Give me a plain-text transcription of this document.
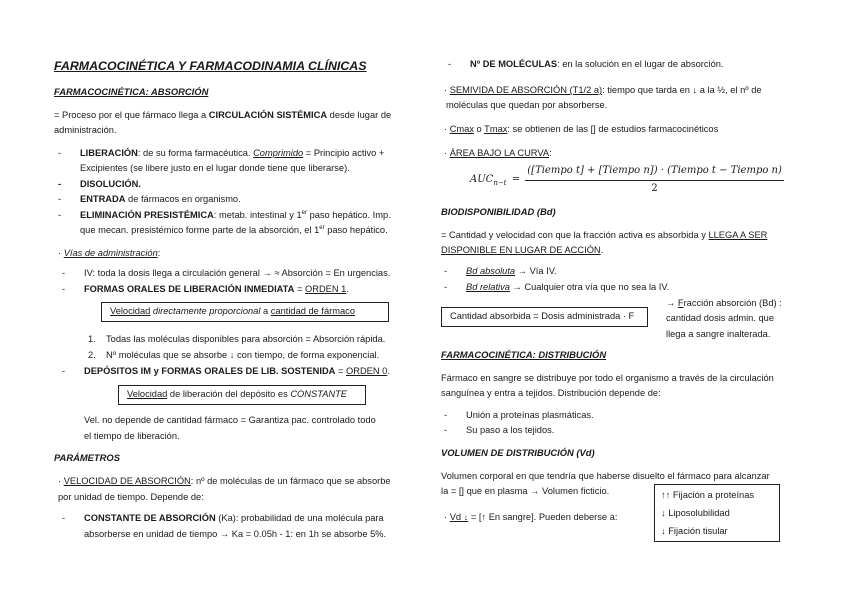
FARMACOCINÉTICA Y FARMACODINAMIA CLÍNICAS
FARMACOCINÉTICA: ABSORCIÓN
= Proceso por el que fármaco llega a CIRCULACIÓN SISTÉMICA desde lugar de
administración.
- LIBERACIÓN: de su forma farmacéutica. Comprimido = Principio activo +
Excipientes (se libere justo en el lugar donde tiene que liberarse).
- DISOLUCIÓN.
- ENTRADA de fármacos en organismo.
- ELIMINACIÓN PRESISTÉMICA: metab. intestinal y 1er paso hepático. Imp.
que mecan. presistémico forme parte de la absorción, el 1er paso hepático.
· Vías de administración:
- IV: toda la dosis llega a circulación general → ≈ Absorción = En urgencias.
- FORMAS ORALES DE LIBERACIÓN INMEDIATA = ORDEN 1.
Velocidad directamente proporcional a cantidad de fármaco
1. Todas las moléculas disponibles para absorción = Absorción rápida.
2. Nº moléculas que se absorbe ↓ con tiempo, de forma exponencial.
- DEPÓSITOS IM y FORMAS ORALES DE LIB. SOSTENIDA = ORDEN 0.
Velocidad de liberación del depósito es CONSTANTE
Vel. no depende de cantidad fármaco = Garantiza pac. controlado todo
el tiempo de liberación.
PARÁMETROS
· VELOCIDAD DE ABSORCIÓN: nº de moléculas de un fármaco que se absorbe
por unidad de tiempo. Depende de:
- CONSTANTE DE ABSORCIÓN (Ka): probabilidad de una molécula para
absorberse en unidad de tiempo → Ka = 0.05h - 1: en 1h se absorbe 5%.
- Nº DE MOLÉCULAS: en la solución en el lugar de absorción.
· SEMIVIDA DE ABSORCIÓN (T1/2 a): tiempo que tarda en ↓ a la ½, el nº de
moléculas que quedan por absorberse.
· Cmax o Tmax: se obtienen de las [] de estudios farmacocinéticos
· ÁREA BAJO LA CURVA:
$AUC_{n-t} = \frac{\text{([Tiempo t] + [Tiempo n]) · (Tiempo t − Tiempo n)}}{2}$
BIODISPONIBILIDAD (Bd)
= Cantidad y velocidad con que la fracción activa es absorbida y LLEGA A SER
DISPONIBLE EN LUGAR DE ACCIÓN.
- Bd absoluta → Vía IV.
- Bd relativa → Cualquier otra vía que no sea la IV.
Cantidad absorbida = Dosis administrada · F
→ Fracción absorción (Bd) :
cantidad dosis admin. que
llega a sangre inalterada.
FARMACOCINÉTICA: DISTRIBUCIÓN
Fármaco en sangre se distribuye por todo el organismo a través de la circulación
sanguínea y entra a tejidos. Distribución depende de:
- Unión a proteínas plasmáticas.
- Su paso a los tejidos.
VOLUMEN DE DISTRIBUCIÓN (Vd)
Volumen corporal en que tendría que haberse disuelto el fármaco para alcanzar
la = [] que en plasma → Volumen ficticio.
· Vd ↓ = [↑ En sangre]. Pueden deberse a:
↑↑ Fijación a proteínas
↓ Liposolubilidad
↓ Fijación tisular
